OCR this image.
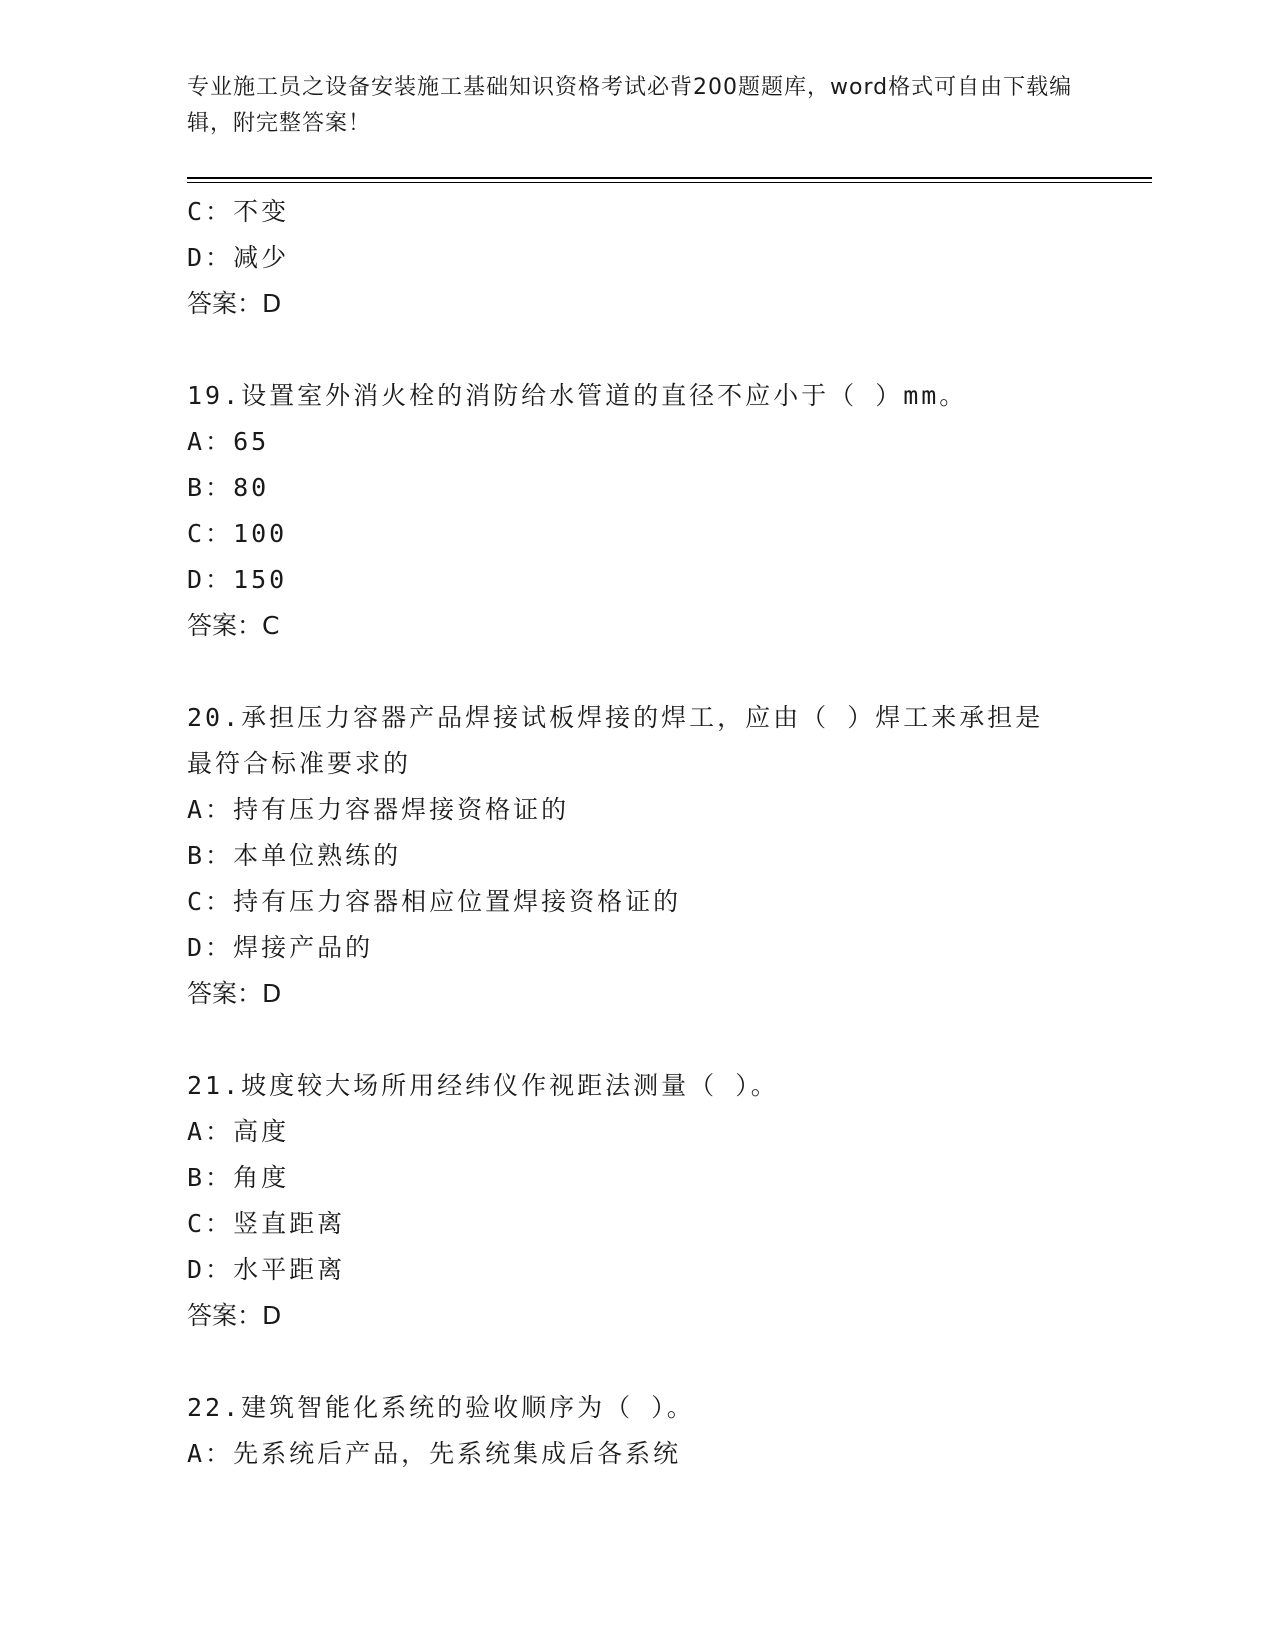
专业施工员之设备安装施工基础知识资格考试必背200题题库，word格式可自由下载编辑，附完整答案！
C：不变
D：减少
答案：D
19.设置室外消火栓的消防给水管道的直径不应小于（ ）mm。
A：65
B：80
C：100
D：150
答案：C
20.承担压力容器产品焊接试板焊接的焊工，应由（ ）焊工来承担是
最符合标准要求的
A：持有压力容器焊接资格证的
B：本单位熟练的
C：持有压力容器相应位置焊接资格证的
D：焊接产品的
答案：D
21.坡度较大场所用经纬仪作视距法测量（ ）。
A：高度
B：角度
C：竖直距离
D：水平距离
答案：D
22.建筑智能化系统的验收顺序为（ ）。
A：先系统后产品，先系统集成后各系统
